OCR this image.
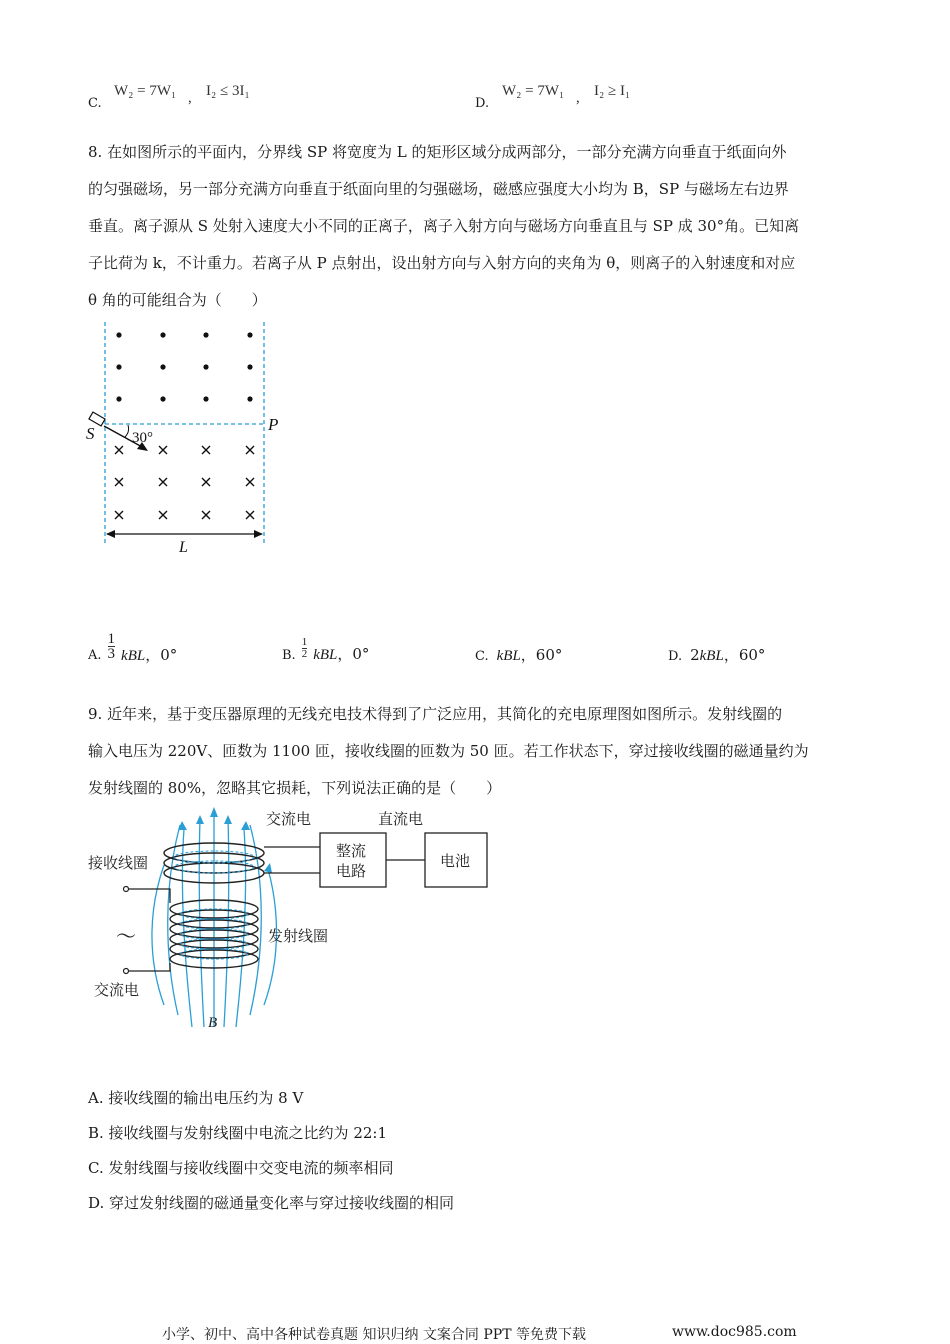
C.
W₂ = 7W₁ , I₂ ≤ 3I₁
D.
W₂ = 7W₁ , I₂ ≥ I₁
8. 在如图所示的平面内，分界线 SP 将宽度为 L 的矩形区域分成两部分，一部分充满方向垂直于纸面向外
的匀强磁场，另一部分充满方向垂直于纸面向里的匀强磁场，磁感应强度大小均为 B，SP 与磁场左右边界
垂直。离子源从 S 处射入速度大小不同的正离子，离子入射方向与磁场方向垂直且与 SP 成 30°角。已知离
子比荷为 k，不计重力。若离子从 P 点射出，设出射方向与入射方向的夹角为 θ，则离子的入射速度和对应
θ 角的可能组合为（　　）
30°
S	P
L
A. $\frac{1}{3}$ kBL，0°	B. $\frac{1}{2}$ kBL，0°	C. kBL，60°	D. 2kBL，60°
9. 近年来，基于变压器原理的无线充电技术得到了广泛应用，其简化的充电原理图如图所示。发射线圈的
输入电压为 220V、匝数为 1100 匝，接收线圈的匝数为 50 匝。若工作状态下，穿过接收线圈的磁通量约为
发射线圈的 80%，忽略其它损耗，下列说法正确的是（　　）
交流电	直流电
接收线圈
整流
电路
电池
发射线圈
～
交流电
B
A. 接收线圈的输出电压约为 8 V
B. 接收线圈与发射线圈中电流之比约为 22:1
C. 发射线圈与接收线圈中交变电流的频率相同
D. 穿过发射线圈的磁通量变化率与穿过接收线圈的相同
小学、初中、高中各种试卷真题 知识归纳 文案合同 PPT 等免费下载	www.doc985.com
